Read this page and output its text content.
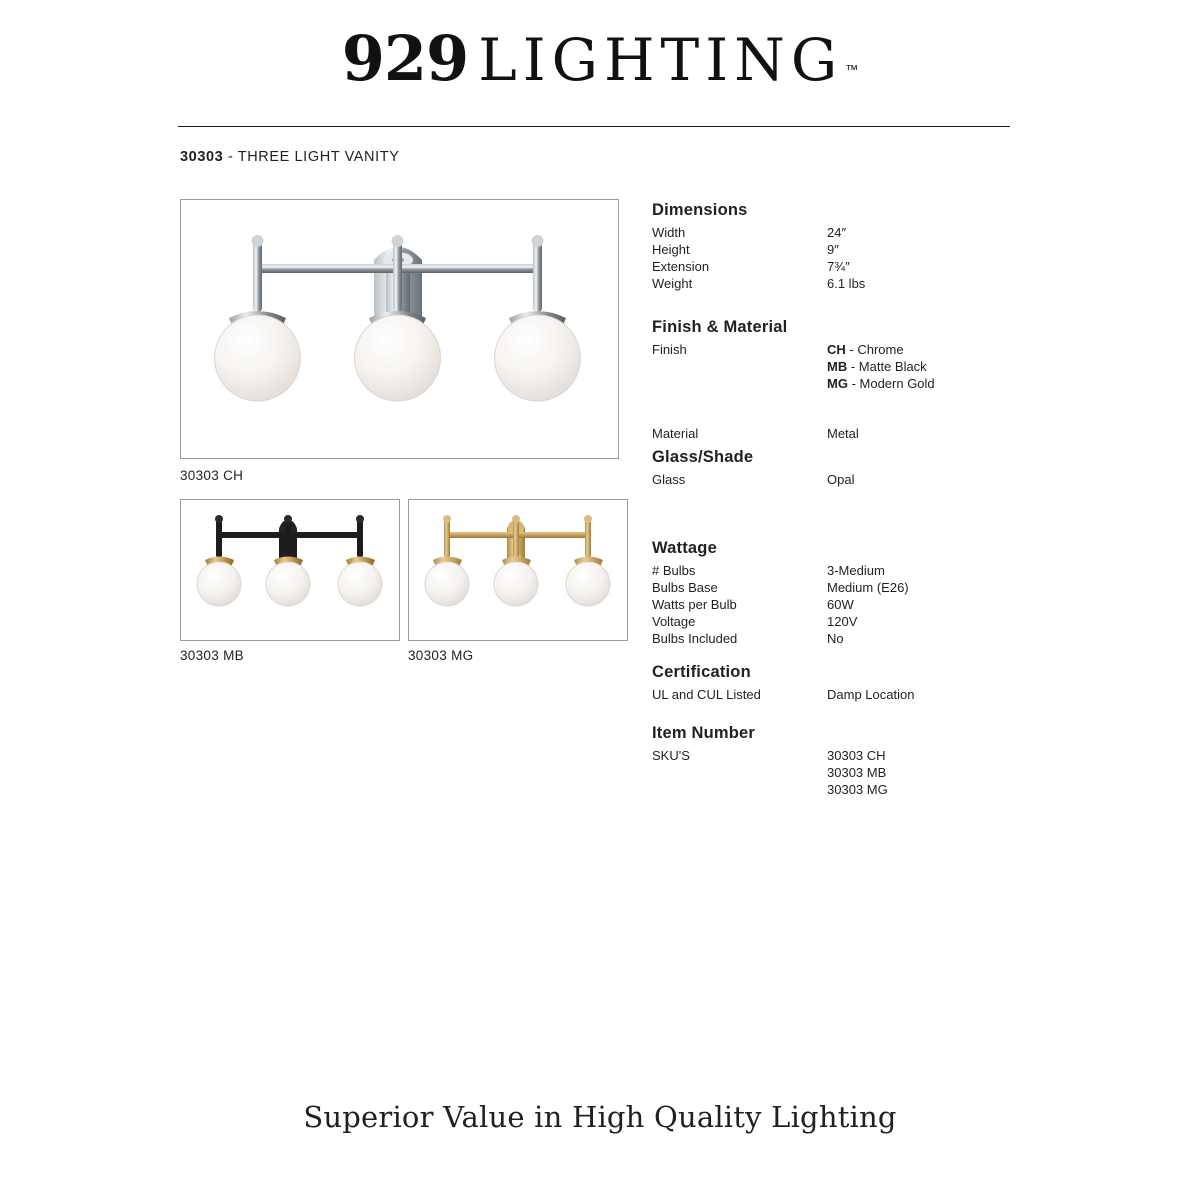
929 LIGHTING ™
30303 - THREE LIGHT VANITY
30303 CH
30303 MB	30303 MG
Dimensions
Width	24″
Height	9″
Extension	7¾″
Weight	6.1 lbs
Finish & Material
Finish	CH - Chrome
MB - Matte Black
MG - Modern Gold
Material	Metal
Glass/Shade
Glass	Opal
Wattage
# Bulbs	3-Medium
Bulbs Base	Medium (E26)
Watts per Bulb	60W
Voltage	120V
Bulbs Included	No
Certification
UL and CUL Listed	Damp Location
Item Number
SKU'S	30303 CH
30303 MB
30303 MG
Superior Value in High Quality Lighting
